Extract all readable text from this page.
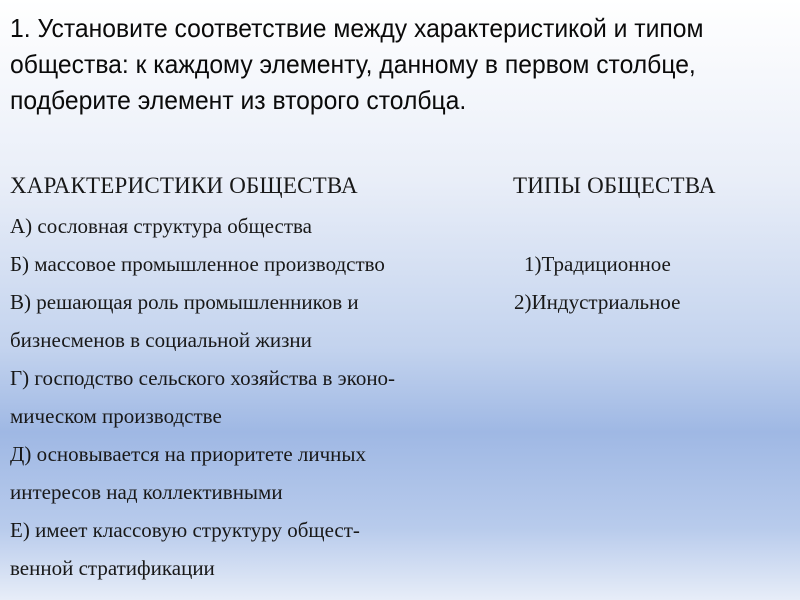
1. Установите соответствие между характеристикой и типом общества: к каждому элементу, данному в первом столбце, подберите элемент из второго столбца.
ХАРАКТЕРИСТИКИ ОБЩЕСТВА	ТИПЫ ОБЩЕСТВА
А) сословная структура общества
Б) массовое промышленное производство
В) решающая роль промышленников и
бизнесменов в социальной жизни
Г) господство сельского хозяйства в эконо-
мическом производстве
Д) основывается на приоритете личных
интересов над коллективными
Е) имеет классовую структуру общест-
венной стратификации
1)Традиционное
2)Индустриальное
